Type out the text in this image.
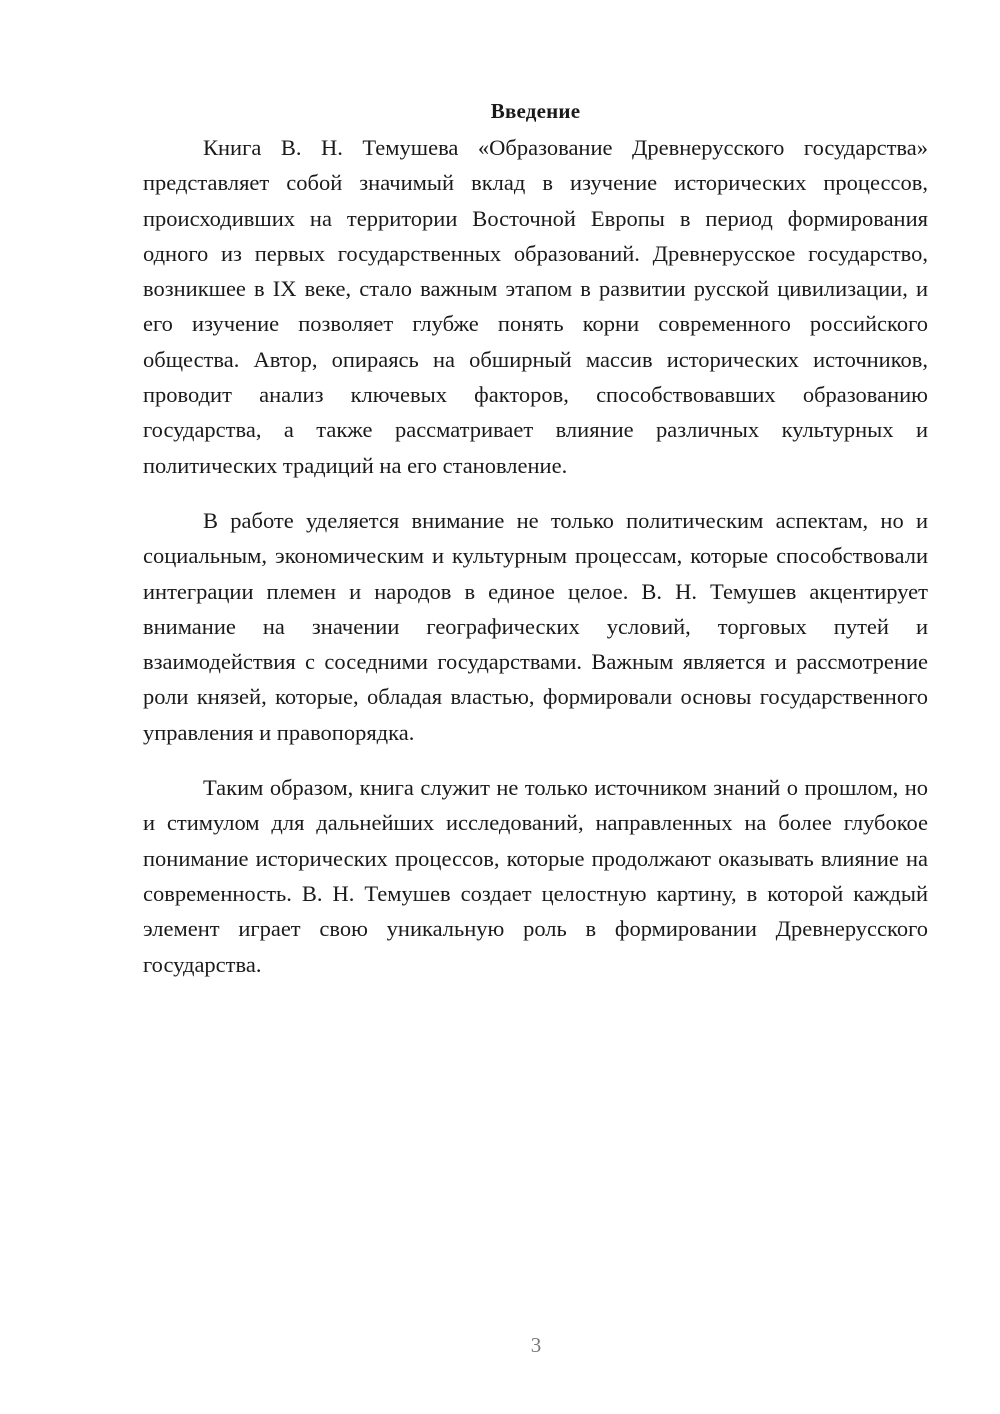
Введение

Книга В. Н. Темушева «Образование Древнерусского государства» представляет собой значимый вклад в изучение исторических процессов, происходивших на территории Восточной Европы в период формирования одного из первых государственных образований. Древнерусское государство, возникшее в IX веке, стало важным этапом в развитии русской цивилизации, и его изучение позволяет глубже понять корни современного российского общества. Автор, опираясь на обширный массив исторических источников, проводит анализ ключевых факторов, способствовавших образованию государства, а также рассматривает влияние различных культурных и политических традиций на его становление.

В работе уделяется внимание не только политическим аспектам, но и социальным, экономическим и культурным процессам, которые способствовали интеграции племен и народов в единое целое. В. Н. Темушев акцентирует внимание на значении географических условий, торговых путей и взаимодействия с соседними государствами. Важным является и рассмотрение роли князей, которые, обладая властью, формировали основы государственного управления и правопорядка.

Таким образом, книга служит не только источником знаний о прошлом, но и стимулом для дальнейших исследований, направленных на более глубокое понимание исторических процессов, которые продолжают оказывать влияние на современность. В. Н. Темушев создает целостную картину, в которой каждый элемент играет свою уникальную роль в формировании Древнерусского государства.

3
